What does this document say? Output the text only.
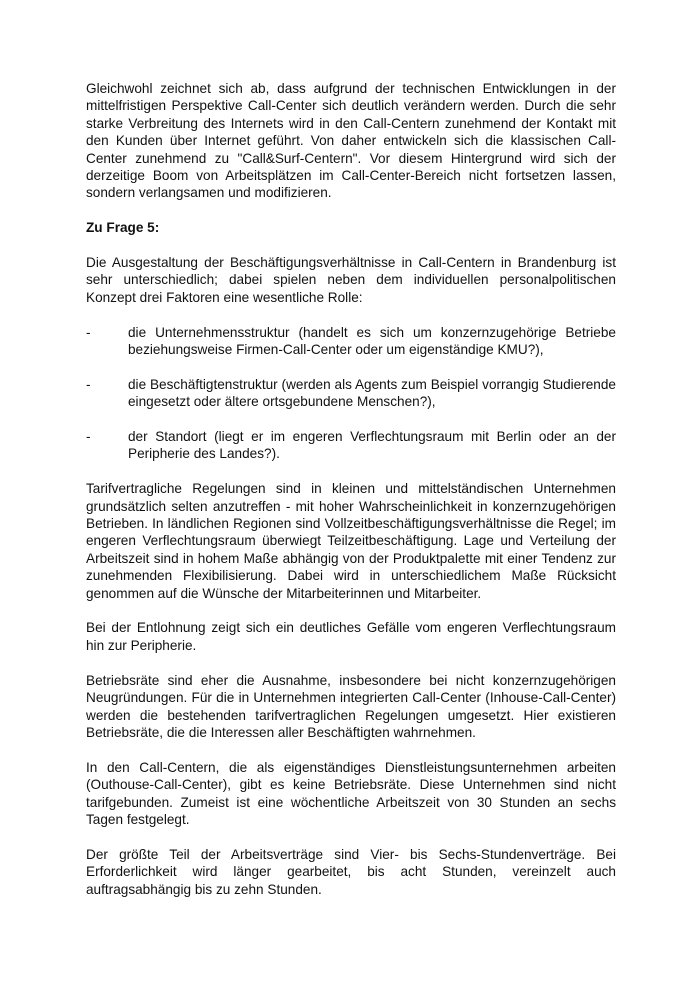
Gleichwohl zeichnet sich ab, dass aufgrund der technischen Entwicklungen in der mittelfristigen Perspektive Call-Center sich deutlich verändern werden. Durch die sehr starke Verbreitung des Internets wird in den Call-Centern zunehmend der Kontakt mit den Kunden über Internet geführt. Von daher entwickeln sich die klassischen Call-Center zunehmend zu "Call&Surf-Centern". Vor diesem Hintergrund wird sich der derzeitige Boom von Arbeitsplätzen im Call-Center-Bereich nicht fortsetzen lassen, sondern verlangsamen und modifizieren.

Zu Frage 5:

Die Ausgestaltung der Beschäftigungsverhältnisse in Call-Centern in Brandenburg ist sehr unterschiedlich; dabei spielen neben dem individuellen personalpolitischen Konzept drei Faktoren eine wesentliche Rolle:

-	die Unternehmensstruktur (handelt es sich um konzernzugehörige Betriebe beziehungsweise Firmen-Call-Center oder um eigenständige KMU?),
-	die Beschäftigtenstruktur (werden als Agents zum Beispiel vorrangig Studierende eingesetzt oder ältere ortsgebundene Menschen?),
-	der Standort (liegt er im engeren Verflechtungsraum mit Berlin oder an der Peripherie des Landes?).

Tarifvertragliche Regelungen sind in kleinen und mittelständischen Unternehmen grundsätzlich selten anzutreffen - mit hoher Wahrscheinlichkeit in konzernzugehörigen Betrieben. In ländlichen Regionen sind Vollzeitbeschäftigungsverhältnisse die Regel; im engeren Verflechtungsraum überwiegt Teilzeitbeschäftigung. Lage und Verteilung der Arbeitszeit sind in hohem Maße abhängig von der Produktpalette mit einer Tendenz zur zunehmenden Flexibilisierung. Dabei wird in unterschiedlichem Maße Rücksicht genommen auf die Wünsche der Mitarbeiterinnen und Mitarbeiter.

Bei der Entlohnung zeigt sich ein deutliches Gefälle vom engeren Verflechtungsraum hin zur Peripherie.

Betriebsräte sind eher die Ausnahme, insbesondere bei nicht konzernzugehörigen Neugründungen. Für die in Unternehmen integrierten Call-Center (Inhouse-Call-Center) werden die bestehenden tarifvertraglichen Regelungen umgesetzt. Hier existieren Betriebsräte, die die Interessen aller Beschäftigten wahrnehmen.

In den Call-Centern, die als eigenständiges Dienstleistungsunternehmen arbeiten (Outhouse-Call-Center), gibt es keine Betriebsräte. Diese Unternehmen sind nicht tarifgebunden. Zumeist ist eine wöchentliche Arbeitszeit von 30 Stunden an sechs Tagen festgelegt.

Der größte Teil der Arbeitsverträge sind Vier- bis Sechs-Stundenverträge. Bei Erforderlichkeit wird länger gearbeitet, bis acht Stunden, vereinzelt auch auftragsabhängig bis zu zehn Stunden.
